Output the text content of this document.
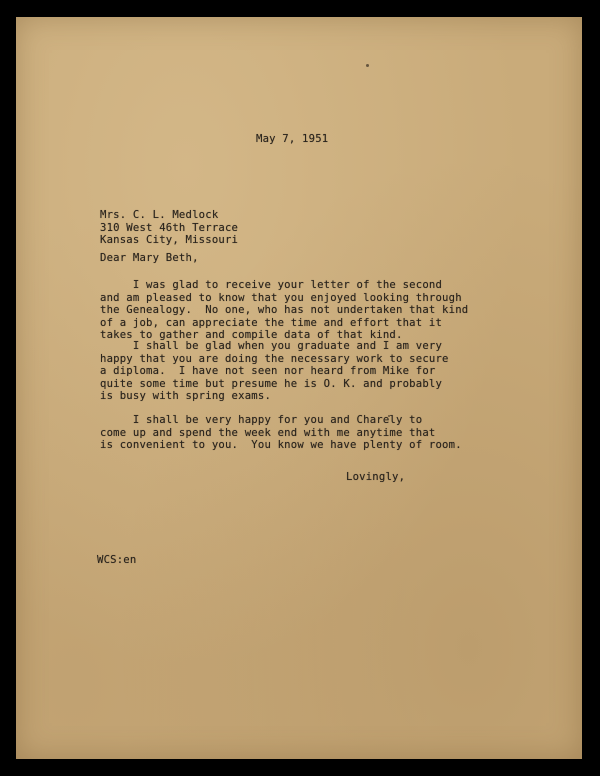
May 7, 1951

Mrs. C. L. Medlock
310 West 46th Terrace
Kansas City, Missouri

Dear Mary Beth,

I was glad to receive your letter of the second
and am pleased to know that you enjoyed looking through
the Genealogy.  No one, who has not undertaken that kind
of a job, can appreciate the time and effort that it
takes to gather and compile data of that kind.
I shall be glad when you graduate and I am very
happy that you are doing the necessary work to secure
a diploma.  I have not seen nor heard from Mike for
quite some time but presume he is O. K. and probably
is busy with spring exams.
I shall be very happy for you and Charely to
come up and spend the week end with me anytime that
is convenient to you.  You know we have plenty of room.

Lovingly,

WCS:en
